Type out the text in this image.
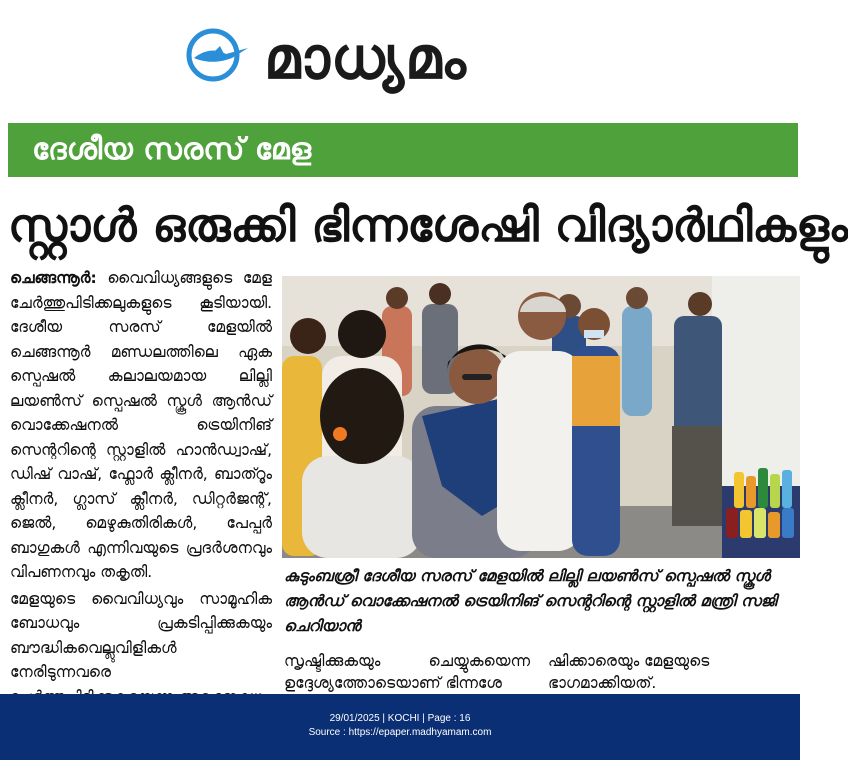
മാധ്യമം
ദേശീയ സരസ് മേള
സ്റ്റാൾ ഒരുക്കി ഭിന്നശേഷി വിദ്യാർഥികളും

ചെങ്ങന്നൂർ: വൈവിധ്യങ്ങളുടെ മേള ചേർത്തുപിടിക്കലുകളുടെ കൂടിയായി. ദേശീയ സരസ് മേളയിൽ ചെങ്ങന്നൂർ മണ്ഡലത്തിലെ ഏക സ്പെഷൽ കലാലയമായ ലില്ലി ലയൺസ് സ്പെഷൽ സ്കൂൾ ആൻഡ് വൊക്കേഷനൽ ട്രെയിനിങ് സെന്ററിന്റെ സ്റ്റാളിൽ ഹാൻഡ്വാഷ്, ഡിഷ് വാഷ്, ഫ്ലോർ ക്ലീനർ, ബാത്റൂം ക്ലീനർ, ഗ്ലാസ് ക്ലീനർ, ഡിറ്റർജന്റ്, ജെൽ, മെഴുകുതിരികൾ, പേപ്പർ ബാഗുകൾ എന്നിവയുടെ പ്രദർശനവും വിപണനവും തകൃതി.

മേളയുടെ വൈവിധ്യവും സാമൂഹിക ബോധവും പ്രകടിപ്പിക്കുകയും ബൗദ്ധികവെല്ലുവിളികൾ നേരിടുന്നവരെ

കുടുംബശ്രീ ദേശീയ സരസ് മേളയിൽ ലില്ലി ലയൺസ് സ്പെഷൽ സ്കൂൾ ആൻഡ് വൊക്കേഷനൽ ട്രെയിനിങ് സെന്ററിന്റെ സ്റ്റാളിൽ മന്ത്രി സജി ചെറിയാൻ
സൃഷ്ടിക്കുകയും ചെയ്യുകയെന്ന ഉദ്ദേശ്യത്തോടെയാണ് ഭിന്നശേ
ഷിക്കാരെയും മേളയുടെ ഭാഗമാക്കിയത്.
29/01/2025 | KOCHI | Page : 16
Source : https://epaper.madhyamam.com
